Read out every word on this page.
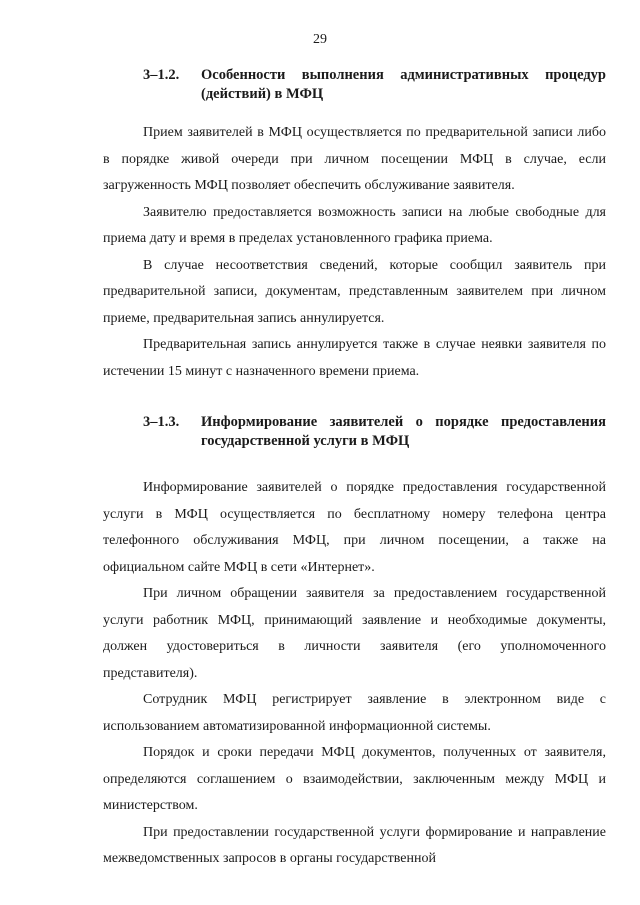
29
3–1.2.	Особенности выполнения административных процедур (действий) в МФЦ

Прием заявителей в МФЦ осуществляется по предварительной записи либо в порядке живой очереди при личном посещении МФЦ в случае, если загруженность МФЦ позволяет обеспечить обслуживание заявителя.

Заявителю предоставляется возможность записи на любые свободные для приема дату и время в пределах установленного графика приема.

В случае несоответствия сведений, которые сообщил заявитель при предварительной записи, документам, представленным заявителем при личном приеме, предварительная запись аннулируется.

Предварительная запись аннулируется также в случае неявки заявителя по истечении 15 минут с назначенного времени приема.

3–1.3.	Информирование заявителей о порядке предоставления государственной услуги в МФЦ

Информирование заявителей о порядке предоставления государственной услуги в МФЦ осуществляется по бесплатному номеру телефона центра телефонного обслуживания МФЦ, при личном посещении, а также на официальном сайте МФЦ в сети «Интернет».

При личном обращении заявителя за предоставлением государственной услуги работник МФЦ, принимающий заявление и необходимые документы, должен удостовериться в личности заявителя (его уполномоченного представителя).

Сотрудник МФЦ регистрирует заявление в электронном виде с использованием автоматизированной информационной системы.

Порядок и сроки передачи МФЦ документов, полученных от заявителя, определяются соглашением о взаимодействии, заключенным между МФЦ и министерством.

При предоставлении государственной услуги формирование и направление межведомственных запросов в органы государственной
